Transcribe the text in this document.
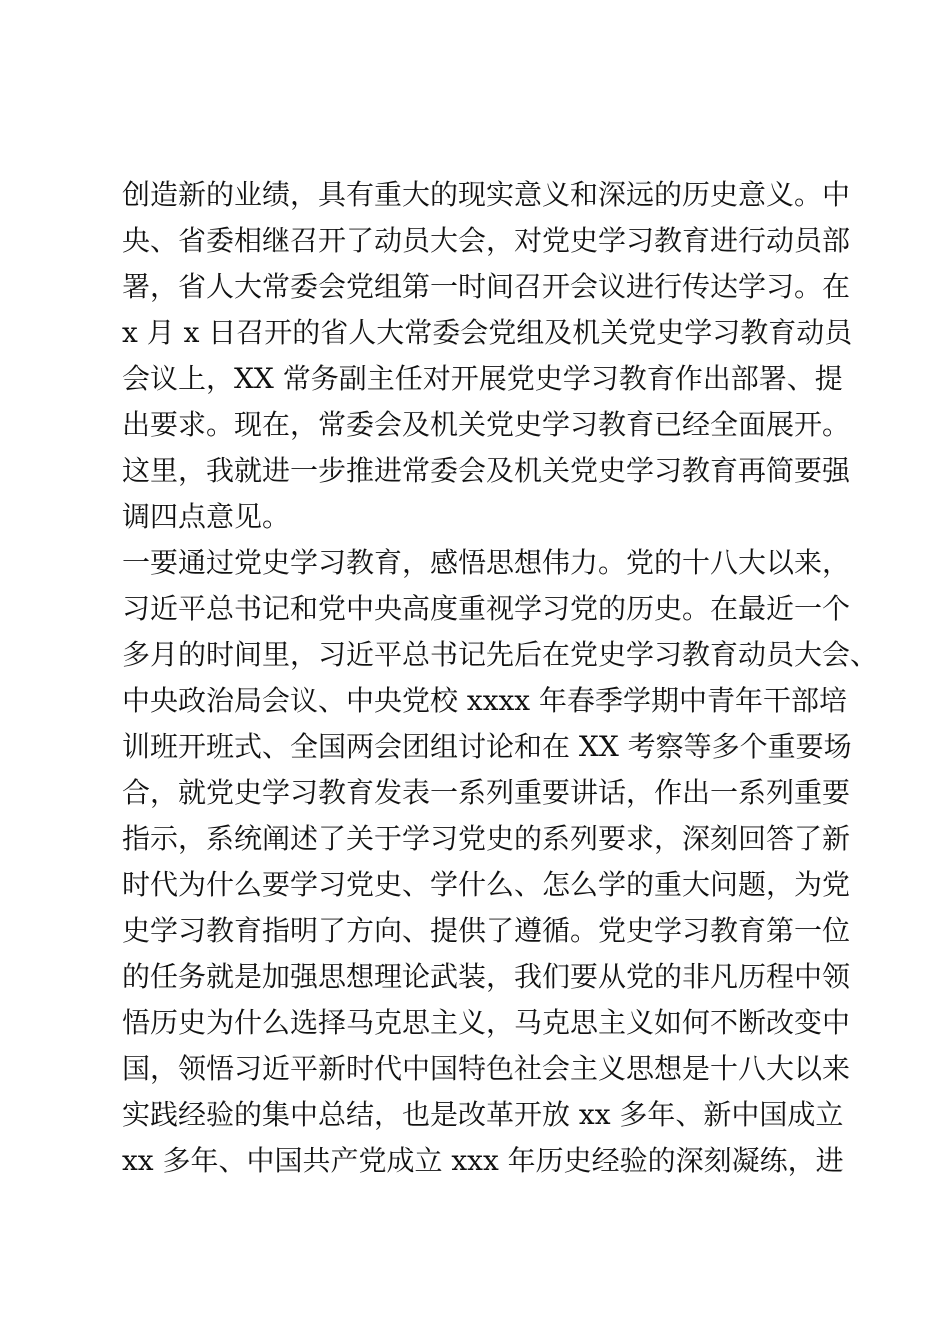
创造新的业绩，具有重大的现实意义和深远的历史意义。中

央、省委相继召开了动员大会，对党史学习教育进行动员部

署，省人大常委会党组第一时间召开会议进行传达学习。在

x 月 x 日召开的省人大常委会党组及机关党史学习教育动员

会议上，XX 常务副主任对开展党史学习教育作出部署、提

出要求。现在，常委会及机关党史学习教育已经全面展开。

这里，我就进一步推进常委会及机关党史学习教育再简要强

调四点意见。

一要通过党史学习教育，感悟思想伟力。党的十八大以来，

习近平总书记和党中央高度重视学习党的历史。在最近一个

多月的时间里，习近平总书记先后在党史学习教育动员大会、

中央政治局会议、中央党校 xxxx 年春季学期中青年干部培

训班开班式、全国两会团组讨论和在 XX 考察等多个重要场

合，就党史学习教育发表一系列重要讲话，作出一系列重要

指示，系统阐述了关于学习党史的系列要求，深刻回答了新

时代为什么要学习党史、学什么、怎么学的重大问题，为党

史学习教育指明了方向、提供了遵循。党史学习教育第一位

的任务就是加强思想理论武装，我们要从党的非凡历程中领

悟历史为什么选择马克思主义，马克思主义如何不断改变中

国，领悟习近平新时代中国特色社会主义思想是十八大以来

实践经验的集中总结，也是改革开放 xx 多年、新中国成立

xx 多年、中国共产党成立 xxx 年历史经验的深刻凝练，进
